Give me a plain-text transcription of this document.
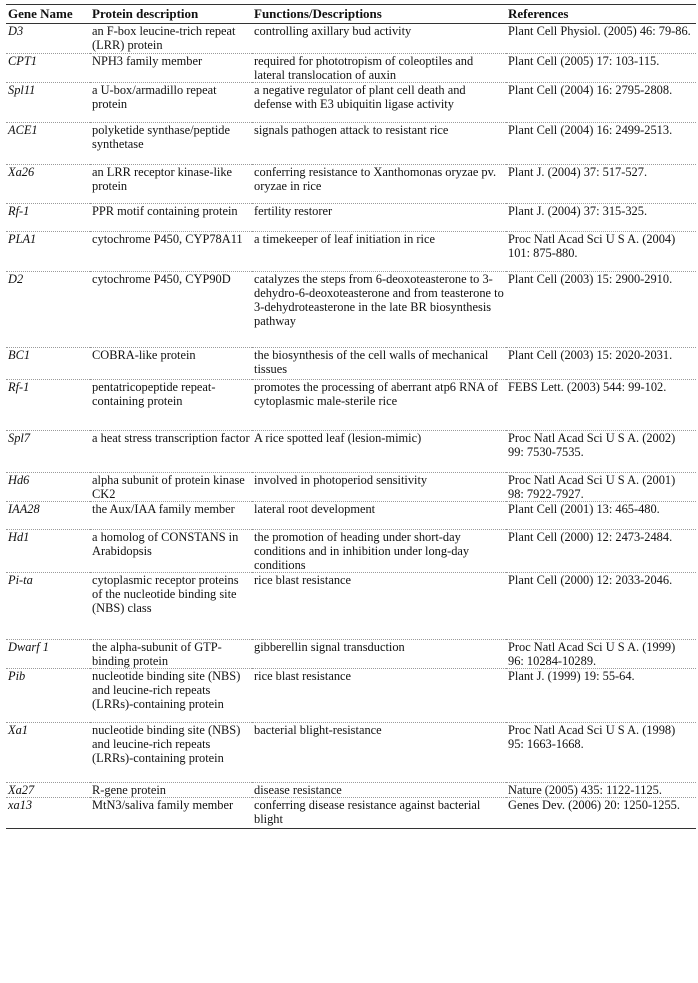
Gene Name	Protein description	Functions/Descriptions	References
D3	an F-box leucine-trich repeat (LRR) protein	controlling axillary bud activity	Plant Cell Physiol. (2005) 46: 79-86.
CPT1	NPH3 family member	required for phototropism of coleoptiles and lateral translocation of auxin	Plant Cell (2005) 17: 103-115.
Spl11	a U-box/armadillo repeat protein	a negative regulator of plant cell death and defense with E3 ubiquitin ligase activity	Plant Cell (2004) 16: 2795-2808.
ACE1	polyketide synthase/peptide synthetase	signals pathogen attack to resistant rice	Plant Cell (2004) 16: 2499-2513.
Xa26	an LRR receptor kinase-like protein	conferring resistance to Xanthomonas oryzae pv. oryzae in rice	Plant J. (2004) 37: 517-527.
Rf-1	PPR motif containing protein	fertility restorer	Plant J. (2004) 37: 315-325.
PLA1	cytochrome P450, CYP78A11	a timekeeper of leaf initiation in rice	Proc Natl Acad Sci U S A. (2004) 101: 875-880.
D2	cytochrome P450, CYP90D	catalyzes the steps from 6-deoxoteasterone to 3-dehydro-6-deoxoteasterone and from teasterone to 3-dehydroteasterone in the late BR biosynthesis pathway	Plant Cell (2003) 15: 2900-2910.
BC1	COBRA-like protein	the biosynthesis of the cell walls of mechanical tissues	Plant Cell (2003) 15: 2020-2031.
Rf-1	pentatricopeptide repeat-containing protein	promotes the processing of aberrant atp6 RNA of cytoplasmic male-sterile rice	FEBS Lett. (2003) 544: 99-102.
Spl7	a heat stress transcription factor	A rice spotted leaf (lesion-mimic)	Proc Natl Acad Sci U S A. (2002) 99: 7530-7535.
Hd6	alpha subunit of protein kinase CK2	involved in photoperiod sensitivity	Proc Natl Acad Sci U S A. (2001) 98: 7922-7927.
IAA28	the Aux/IAA family member	lateral root development	Plant Cell (2001) 13: 465-480.
Hd1	a homolog of CONSTANS in Arabidopsis	the promotion of heading under short-day conditions and in inhibition under long-day conditions	Plant Cell (2000) 12: 2473-2484.
Pi-ta	cytoplasmic receptor proteins of the nucleotide binding site (NBS) class	rice blast resistance	Plant Cell (2000) 12: 2033-2046.
Dwarf 1	the alpha-subunit of GTP-binding protein	gibberellin signal transduction	Proc Natl Acad Sci U S A. (1999) 96: 10284-10289.
Pib	nucleotide binding site (NBS) and leucine-rich repeats (LRRs)-containing protein	rice blast resistance	Plant J. (1999) 19: 55-64.
Xa1	nucleotide binding site (NBS) and leucine-rich repeats (LRRs)-containing protein	bacterial blight-resistance	Proc Natl Acad Sci U S A. (1998) 95: 1663-1668.
Xa27	R-gene protein	disease resistance	Nature (2005) 435: 1122-1125.
xa13	MtN3/saliva family member	conferring disease resistance against bacterial blight	Genes Dev. (2006) 20: 1250-1255.
